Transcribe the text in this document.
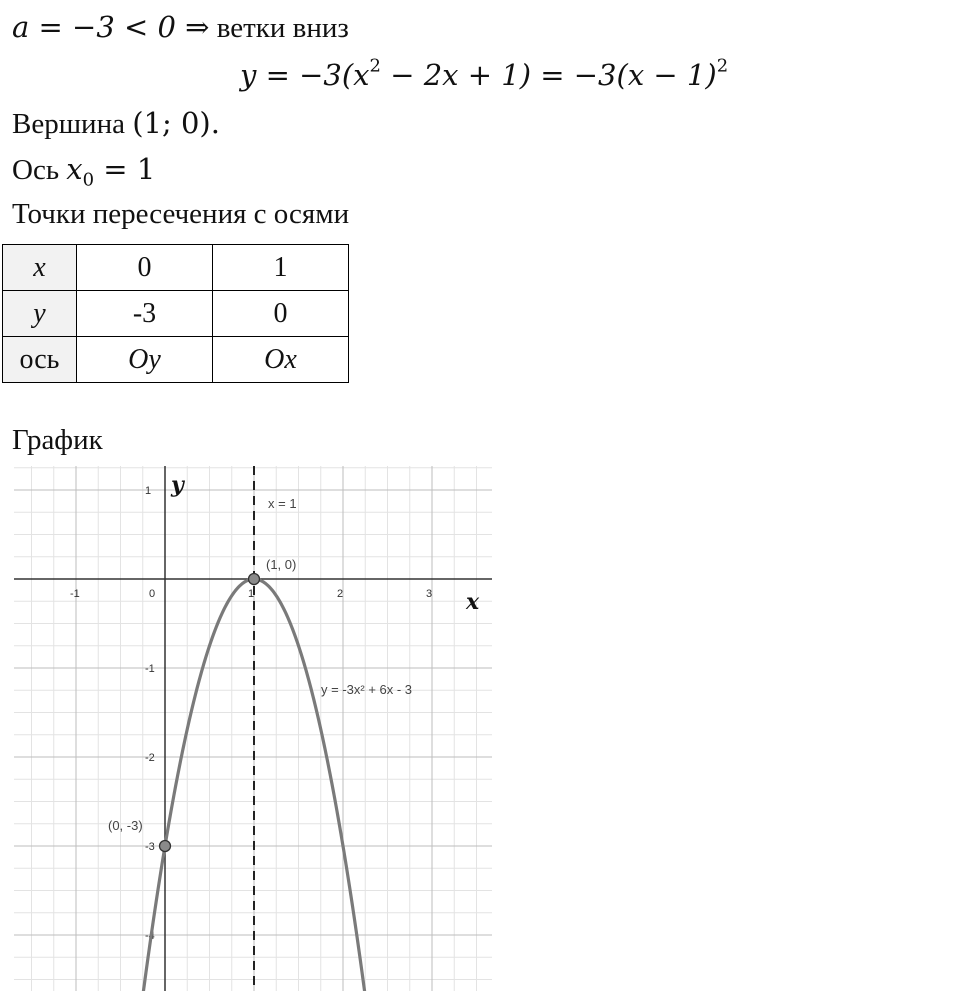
a = −3 < 0 ⇒ ветки вниз
$y = -3(x^2 - 2x + 1) = -3(x - 1)^2$
Вершина (1; 0).
Ось $x_0 = 1$
Точки пересечения с осями
x	0	1
y	-3	0
ось	Oy	Ox
График
-1	0	1	2	3
1
-1
-2
-3
-4
x
y
x = 1
y = -3x² + 6x - 3
(1, 0)
(0, -3)
